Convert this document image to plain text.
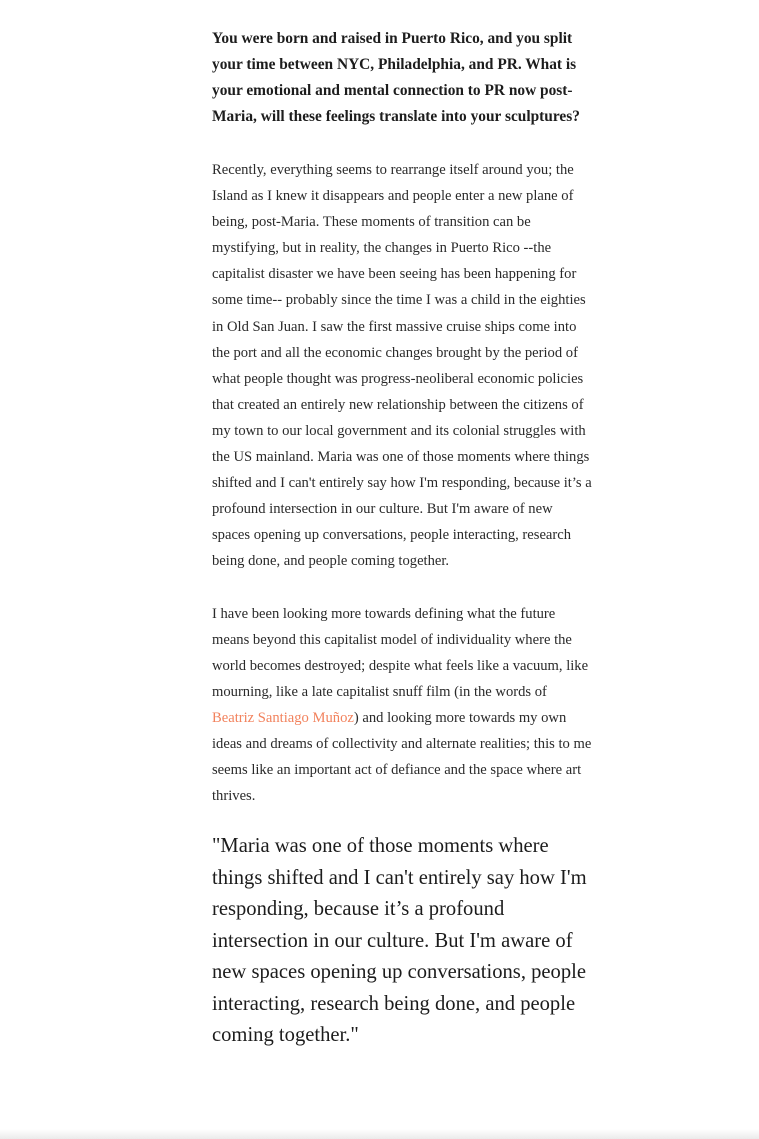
You were born and raised in Puerto Rico, and you split your time between NYC, Philadelphia, and PR. What is your emotional and mental connection to PR now post-Maria, will these feelings translate into your sculptures?

Recently, everything seems to rearrange itself around you; the Island as I knew it disappears and people enter a new plane of being, post-Maria. These moments of transition can be mystifying, but in reality, the changes in Puerto Rico --the capitalist disaster we have been seeing has been happening for some time-- probably since the time I was a child in the eighties in Old San Juan. I saw the first massive cruise ships come into the port and all the economic changes brought by the period of what people thought was progress-neoliberal economic policies that created an entirely new relationship between the citizens of my town to our local government and its colonial struggles with the US mainland. Maria was one of those moments where things shifted and I can't entirely say how I'm responding, because it’s a profound intersection in our culture. But I'm aware of new spaces opening up conversations, people interacting, research being done, and people coming together.

I have been looking more towards defining what the future means beyond this capitalist model of individuality where the world becomes destroyed; despite what feels like a vacuum, like mourning, like a late capitalist snuff film (in the words of Beatriz Santiago Muñoz) and looking more towards my own ideas and dreams of collectivity and alternate realities; this to me seems like an important act of defiance and the space where art thrives.

"Maria was one of those moments where things shifted and I can't entirely say how I'm responding, because it’s a profound intersection in our culture. But I'm aware of new spaces opening up conversations, people interacting, research being done, and people coming together."
